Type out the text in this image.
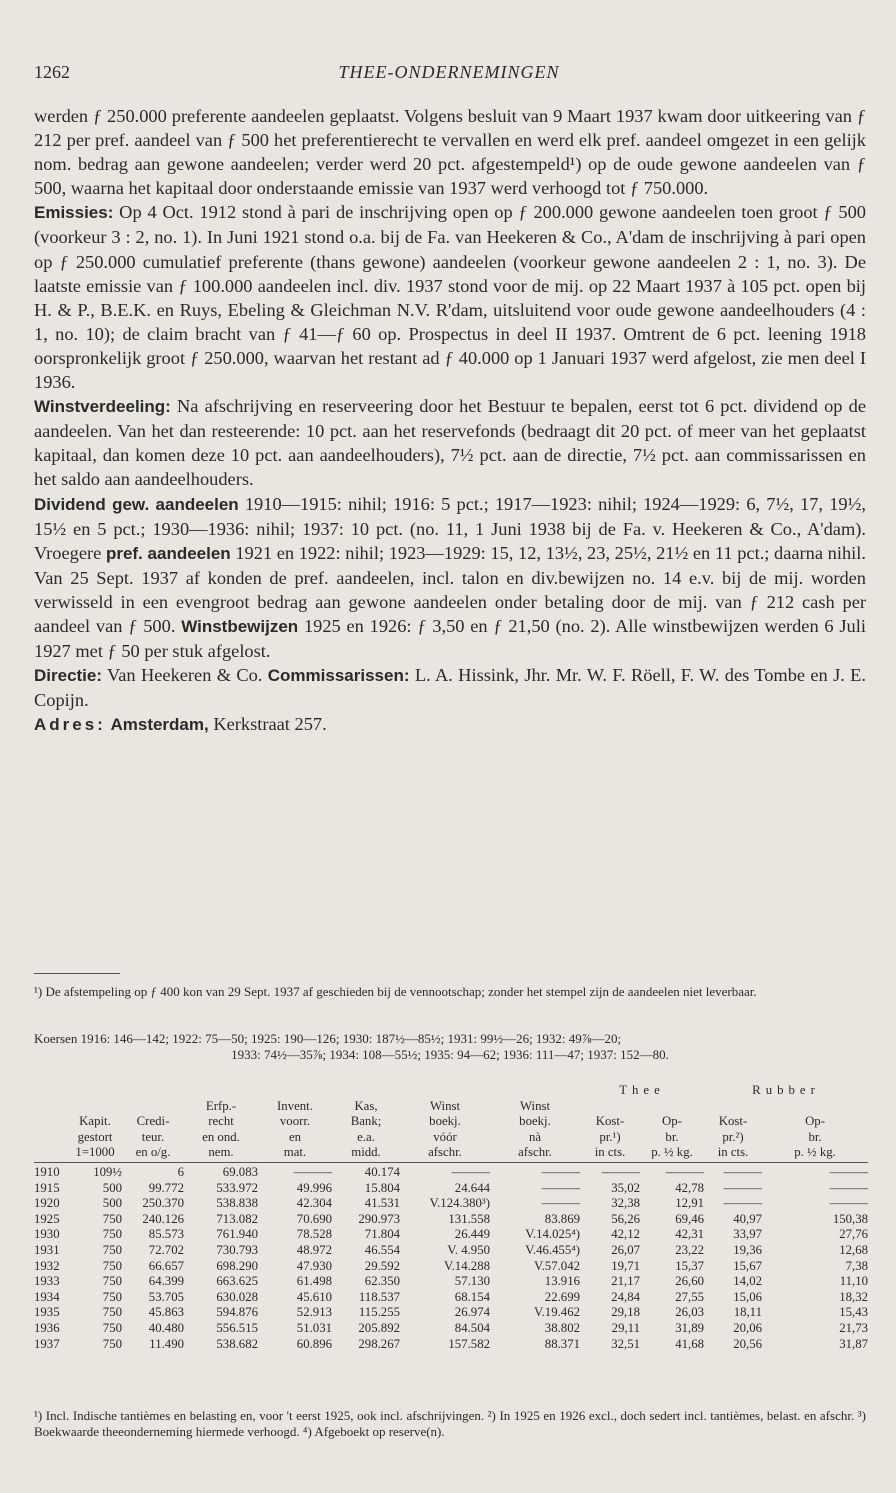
1262	THEE-ONDERNEMINGEN

werden ƒ 250.000 preferente aandeelen geplaatst. Volgens besluit van 9 Maart 1937 kwam door uitkeering van ƒ 212 per pref. aandeel van ƒ 500 het preferentierecht te vervallen en werd elk pref. aandeel omgezet in een gelijk nom. bedrag aan gewone aandeelen; verder werd 20 pct. afgestempeld¹) op de oude gewone aandeelen van ƒ 500, waarna het kapitaal door onderstaande emissie van 1937 werd verhoogd tot ƒ 750.000.

Emissies: Op 4 Oct. 1912 stond à pari de inschrijving open op ƒ 200.000 gewone aandeelen toen groot ƒ 500 (voorkeur 3 : 2, no. 1). In Juni 1921 stond o.a. bij de Fa. van Heekeren & Co., A'dam de inschrijving à pari open op ƒ 250.000 cumulatief preferente (thans gewone) aandeelen (voorkeur gewone aandeelen 2 : 1, no. 3). De laatste emissie van ƒ 100.000 aandeelen incl. div. 1937 stond voor de mij. op 22 Maart 1937 à 105 pct. open bij H. & P., B.E.K. en Ruys, Ebeling & Gleichman N.V. R'dam, uitsluitend voor oude gewone aandeelhouders (4 : 1, no. 10); de claim bracht van ƒ 41—ƒ 60 op. Prospectus in deel II 1937. Omtrent de 6 pct. leening 1918 oorspronkelijk groot ƒ 250.000, waarvan het restant ad ƒ 40.000 op 1 Januari 1937 werd afgelost, zie men deel I 1936.

Winstverdeeling: Na afschrijving en reserveering door het Bestuur te bepalen, eerst tot 6 pct. dividend op de aandeelen. Van het dan resteerende: 10 pct. aan het reservefonds (bedraagt dit 20 pct. of meer van het geplaatst kapitaal, dan komen deze 10 pct. aan aandeelhouders), 7½ pct. aan de directie, 7½ pct. aan commissarissen en het saldo aan aandeelhouders.

Dividend gew. aandeelen 1910—1915: nihil; 1916: 5 pct.; 1917—1923: nihil; 1924—1929: 6, 7½, 17, 19½, 15½ en 5 pct.; 1930—1936: nihil; 1937: 10 pct. (no. 11, 1 Juni 1938 bij de Fa. v. Heekeren & Co., A'dam). Vroegere pref. aandeelen 1921 en 1922: nihil; 1923—1929: 15, 12, 13½, 23, 25½, 21½ en 11 pct.; daarna nihil. Van 25 Sept. 1937 af konden de pref. aandeelen, incl. talon en div.bewijzen no. 14 e.v. bij de mij. worden verwisseld in een evengroot bedrag aan gewone aandeelen onder betaling door de mij. van ƒ 212 cash per aandeel van ƒ 500. Winstbewijzen 1925 en 1926: ƒ 3,50 en ƒ 21,50 (no. 2). Alle winstbewijzen werden 6 Juli 1927 met ƒ 50 per stuk afgelost.

Directie: Van Heekeren & Co. Commissarissen: L. A. Hissink, Jhr. Mr. W. F. Röell, F. W. des Tombe en J. E. Copijn.

Adres: Amsterdam, Kerkstraat 257.

¹) De afstempeling op ƒ 400 kon van 29 Sept. 1937 af geschieden bij de vennootschap; zonder het stempel zijn de aandeelen niet leverbaar.
Koersen 1916: 146—142; 1922: 75—50; 1925: 190—126; 1930: 187½—85½; 1931: 99½—26; 1932: 49⅞—20;
1933: 74½—35⅞; 1934: 108—55½; 1935: 94—62; 1936: 111—47; 1937: 152—80.
								Thee		Rubber	
			Erfp.-	Invent.	Kas,	Winst	Winst				
	Kapit.	Credi-	recht	voorr.	Bank;	boekj.	boekj.	Kost-	Op-	Kost-	Op-
	gestort	teur.	en ond.	en	e.a.	vóór	nà	pr.¹)	br.	pr.²)	br.
	1=1000	en o/g.	nem.	mat.	midd.	afschr.	afschr.	in cts.	p. ½ kg.	in cts.	p. ½ kg.
1910	109½	6	69.083	———	40.174	———	———	———	———	———	———
1915	500	99.772	533.972	49.996	15.804	24.644	———	35,02	42,78	———	———
1920	500	250.370	538.838	42.304	41.531	V.124.380³)	———	32,38	12,91	———	———
1925	750	240.126	713.082	70.690	290.973	131.558	83.869	56,26	69,46	40,97	150,38
1930	750	85.573	761.940	78.528	71.804	26.449	V.14.025⁴)	42,12	42,31	33,97	27,76
1931	750	72.702	730.793	48.972	46.554	V. 4.950	V.46.455⁴)	26,07	23,22	19,36	12,68
1932	750	66.657	698.290	47.930	29.592	V.14.288	V.57.042	19,71	15,37	15,67	7,38
1933	750	64.399	663.625	61.498	62.350	57.130	13.916	21,17	26,60	14,02	11,10
1934	750	53.705	630.028	45.610	118.537	68.154	22.699	24,84	27,55	15,06	18,32
1935	750	45.863	594.876	52.913	115.255	26.974	V.19.462	29,18	26,03	18,11	15,43
1936	750	40.480	556.515	51.031	205.892	84.504	38.802	29,11	31,89	20,06	21,73
1937	750	11.490	538.682	60.896	298.267	157.582	88.371	32,51	41,68	20,56	31,87
¹) Incl. Indische tantièmes en belasting en, voor 't eerst 1925, ook incl. afschrijvingen. ²) In 1925 en 1926 excl., doch sedert incl. tantièmes, belast. en afschr. ³) Boekwaarde theeonderneming hiermede verhoogd. ⁴) Afgeboekt op reserve(n).
